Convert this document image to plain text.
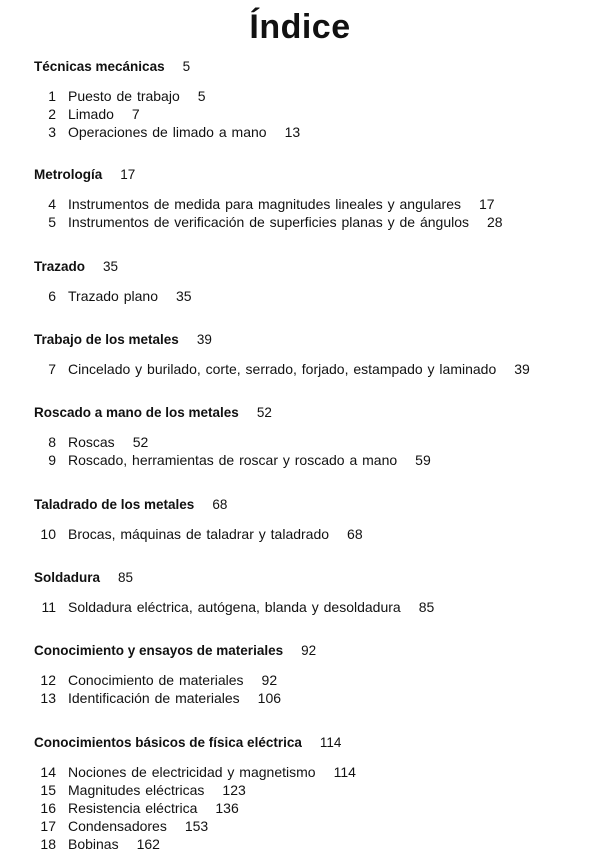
Índice
Técnicas mecánicas 5
1 Puesto de trabajo 5
2 Limado 7
3 Operaciones de limado a mano 13
Metrología 17
4 Instrumentos de medida para magnitudes lineales y angulares 17
5 Instrumentos de verificación de superficies planas y de ángulos 28
Trazado 35
6 Trazado plano 35
Trabajo de los metales 39
7 Cincelado y burilado, corte, serrado, forjado, estampado y laminado 39
Roscado a mano de los metales 52
8 Roscas 52
9 Roscado, herramientas de roscar y roscado a mano 59
Taladrado de los metales 68
10 Brocas, máquinas de taladrar y taladrado 68
Soldadura 85
11 Soldadura eléctrica, autógena, blanda y desoldadura 85
Conocimiento y ensayos de materiales 92
12 Conocimiento de materiales 92
13 Identificación de materiales 106
Conocimientos básicos de física eléctrica 114
14 Nociones de electricidad y magnetismo 114
15 Magnitudes eléctricas 123
16 Resistencia eléctrica 136
17 Condensadores 153
18 Bobinas 162
